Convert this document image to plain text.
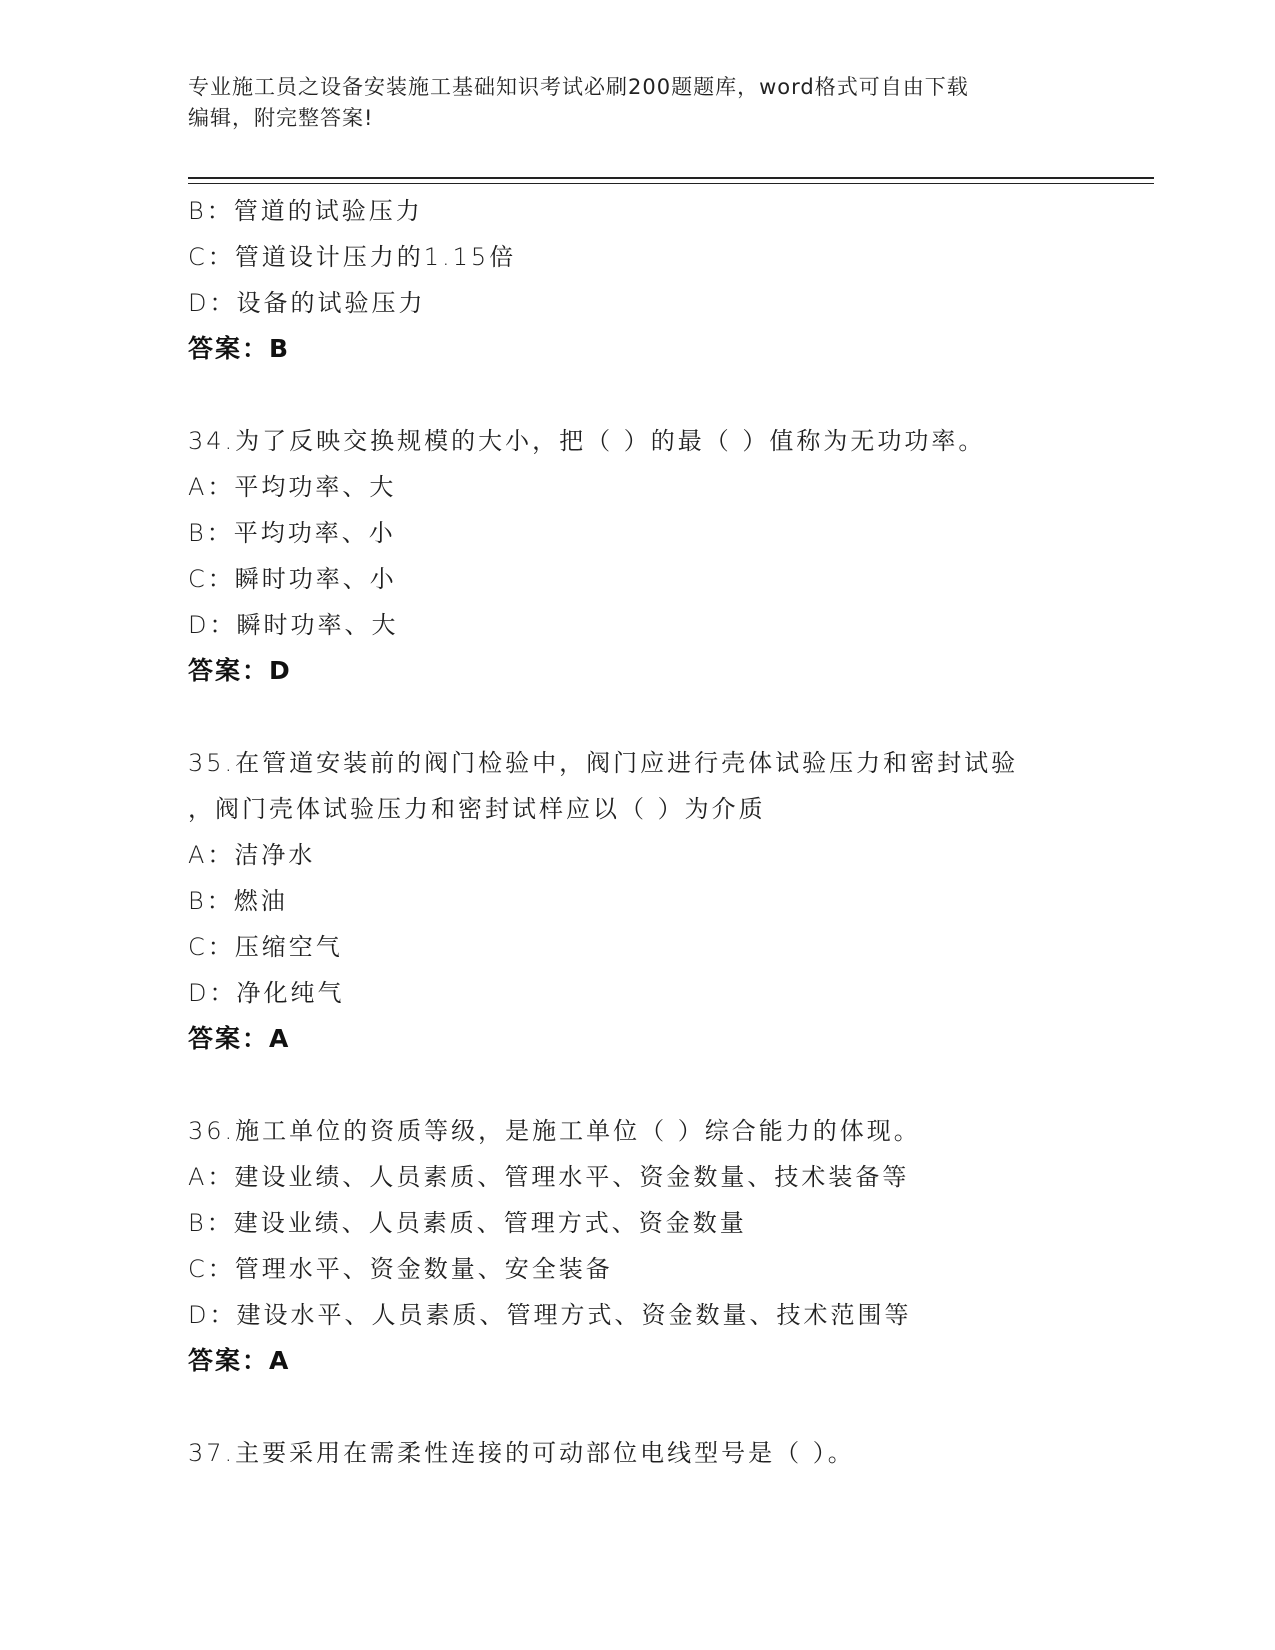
专业施工员之设备安装施工基础知识考试必刷200题题库，word格式可自由下载
编辑，附完整答案!
B：管道的试验压力
C：管道设计压力的1.15倍
D：设备的试验压力
答案：B
34.为了反映交换规模的大小，把（ ）的最（ ）值称为无功功率。
A：平均功率、大
B：平均功率、小
C：瞬时功率、小
D：瞬时功率、大
答案：D
35.在管道安装前的阀门检验中，阀门应进行壳体试验压力和密封试验
，阀门壳体试验压力和密封试样应以（ ）为介质
A：洁净水
B：燃油
C：压缩空气
D：净化纯气
答案：A
36.施工单位的资质等级，是施工单位（ ）综合能力的体现。
A：建设业绩、人员素质、管理水平、资金数量、技术装备等
B：建设业绩、人员素质、管理方式、资金数量
C：管理水平、资金数量、安全装备
D：建设水平、人员素质、管理方式、资金数量、技术范围等
答案：A
37.主要采用在需柔性连接的可动部位电线型号是（ ）。
